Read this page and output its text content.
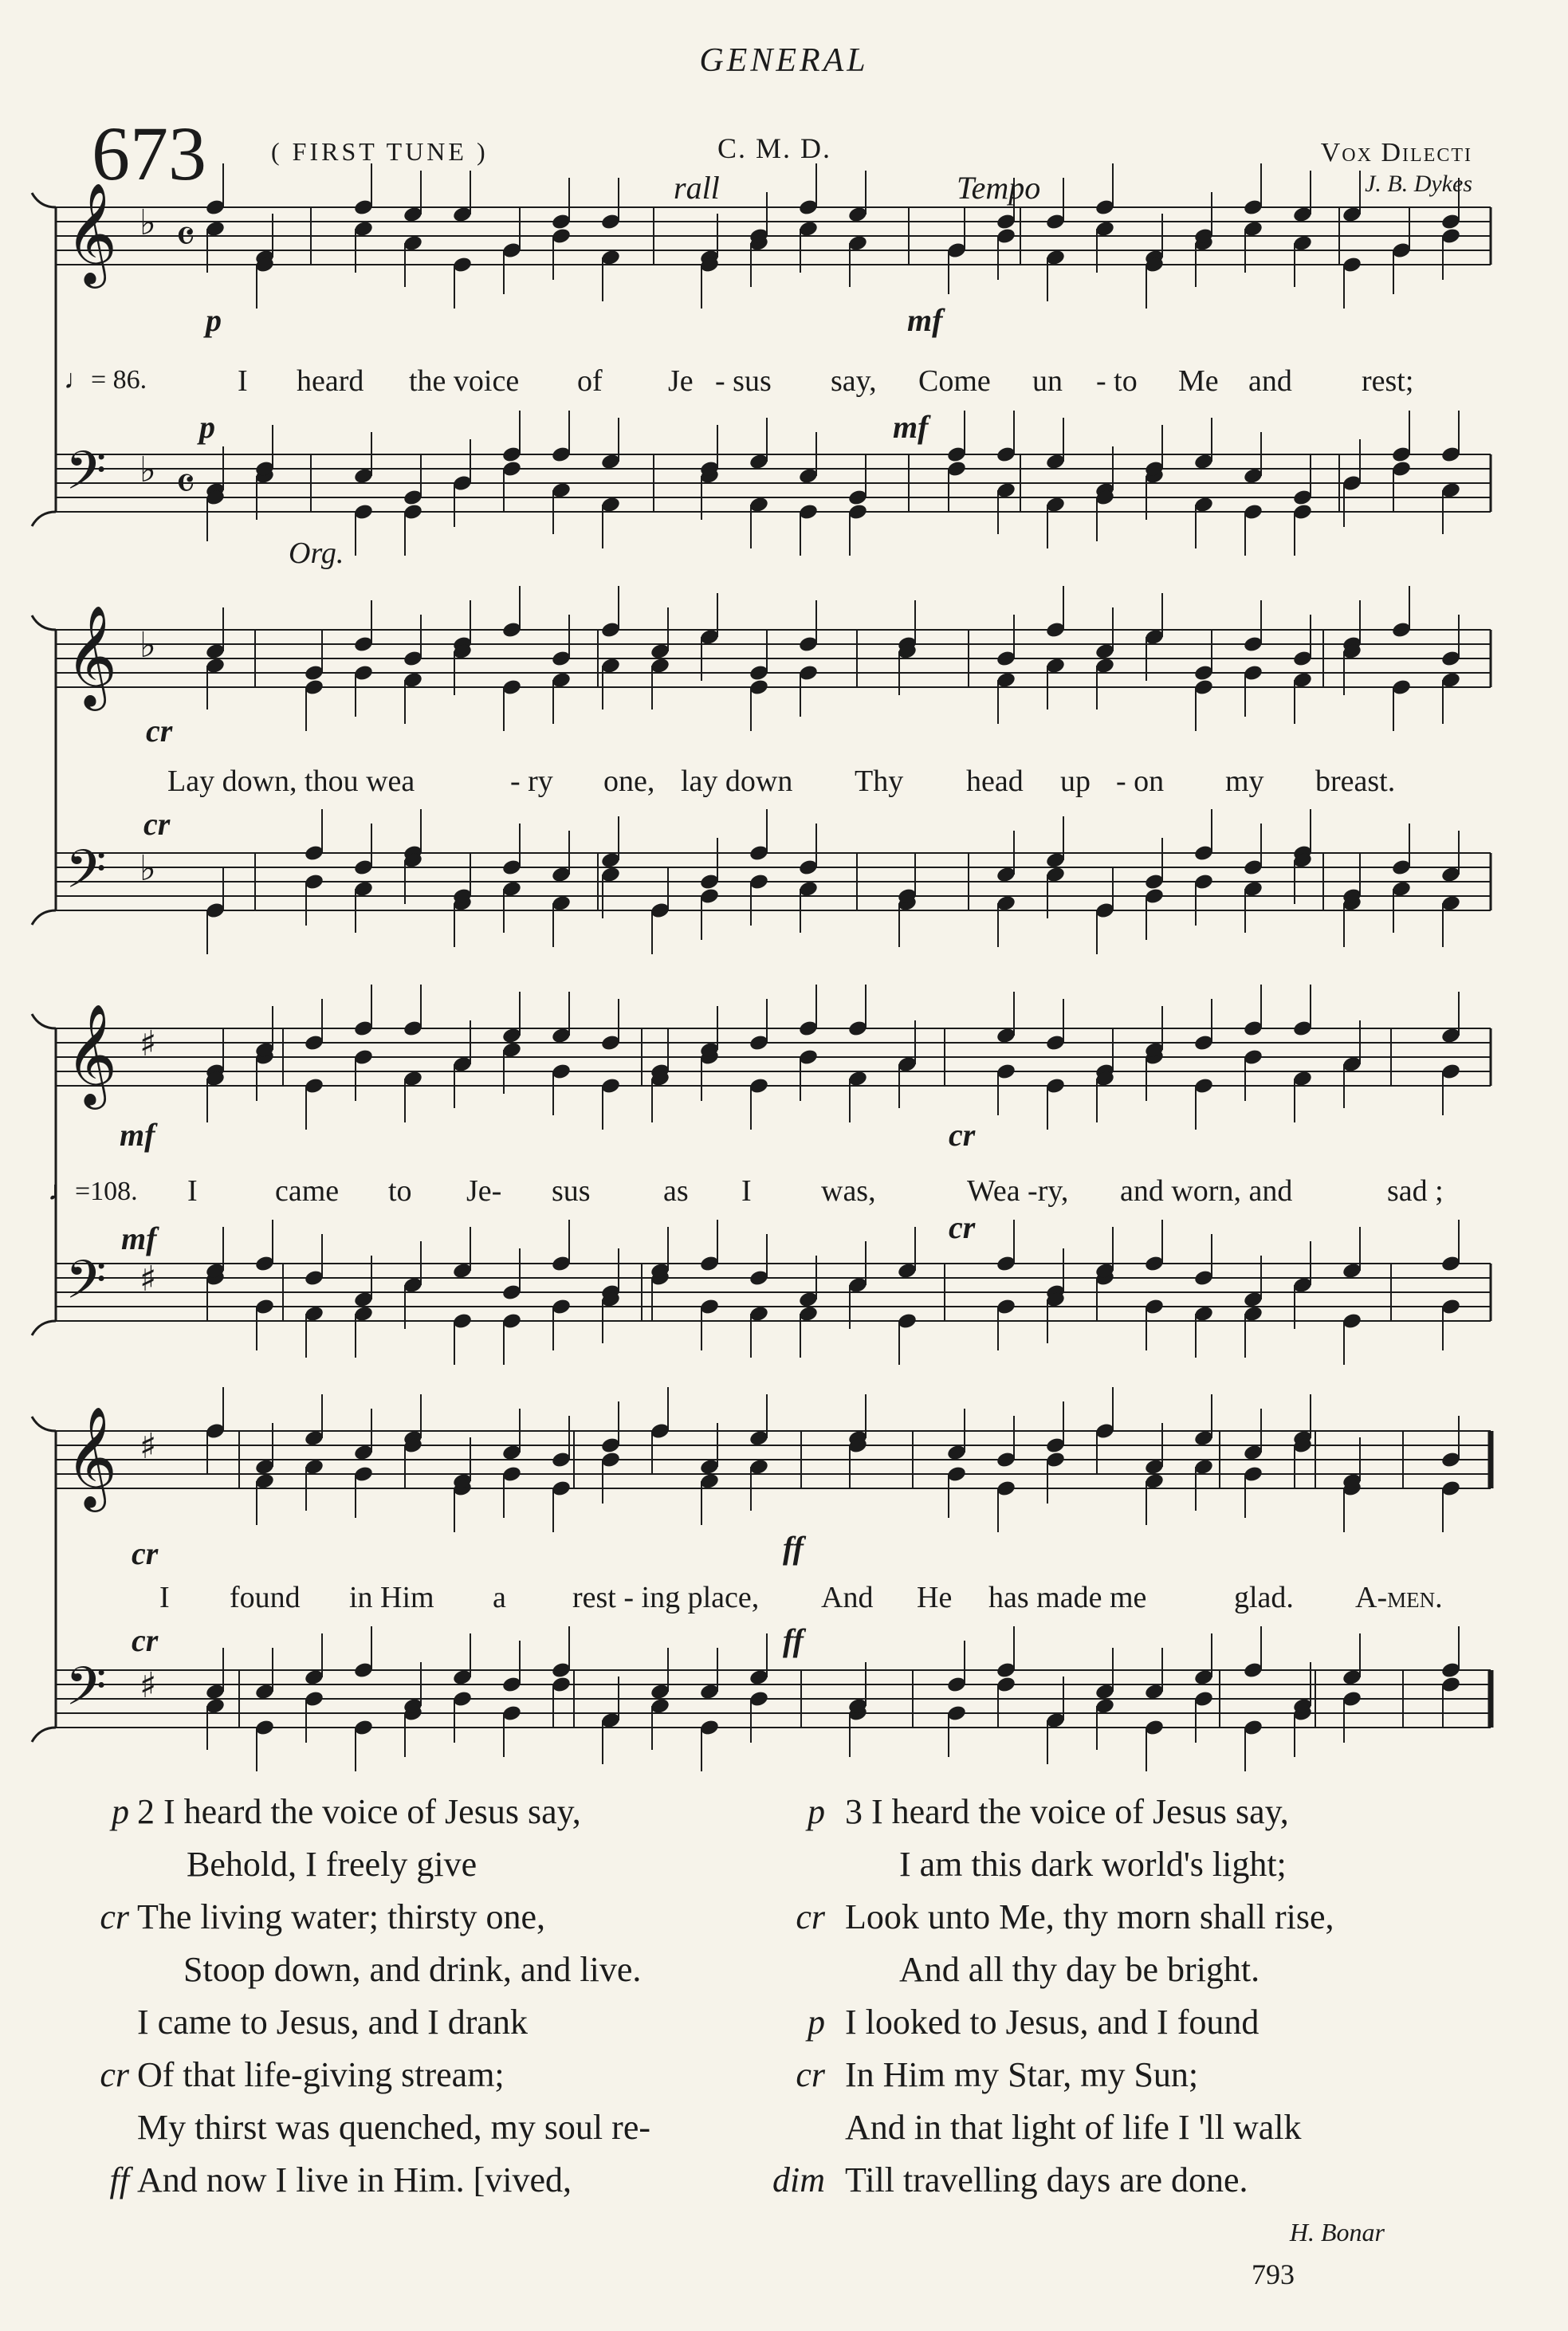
GENERAL
673	( FIRST TUNE )	C. M. D.	Vox Dilecti
J. B. Dykes
𝄞 ♭ 𝄴
𝄢 ♭ 𝄴
𝄞 ♭
𝄢 ♭
𝄞 ♯
𝄢 ♯
𝄞 ♯
𝄢 ♯
rall	Tempo
Org.
p	mf
p	mf
cr
cr
mf	cr
mf	cr
cr	ff
cr	ff
♩= 86.
♩=108.
I heard the voice of Je - sus say, Come un - to Me and rest;
Lay down, thou wea	- ry one, lay down Thy head up - on my breast.
I	came to Je- sus as I was,	Wea -ry, and worn, and	sad ;
I found in Him a rest - ing place, And He has made me	glad. A-men.
p 2 I heard the voice of Jesus say,
Behold, I freely give
cr The living water; thirsty one,
Stoop down, and drink, and live.
I came to Jesus, and I drank
cr Of that life-giving stream;
My thirst was quenched, my soul re-
ff And now I live in Him. [vived,
p 3 I heard the voice of Jesus say,
I am this dark world's light;
cr Look unto Me, thy morn shall rise,
And all thy day be bright.
p I looked to Jesus, and I found
cr In Him my Star, my Sun;
And in that light of life I 'll walk
dim Till travelling days are done.
H. Bonar
793
